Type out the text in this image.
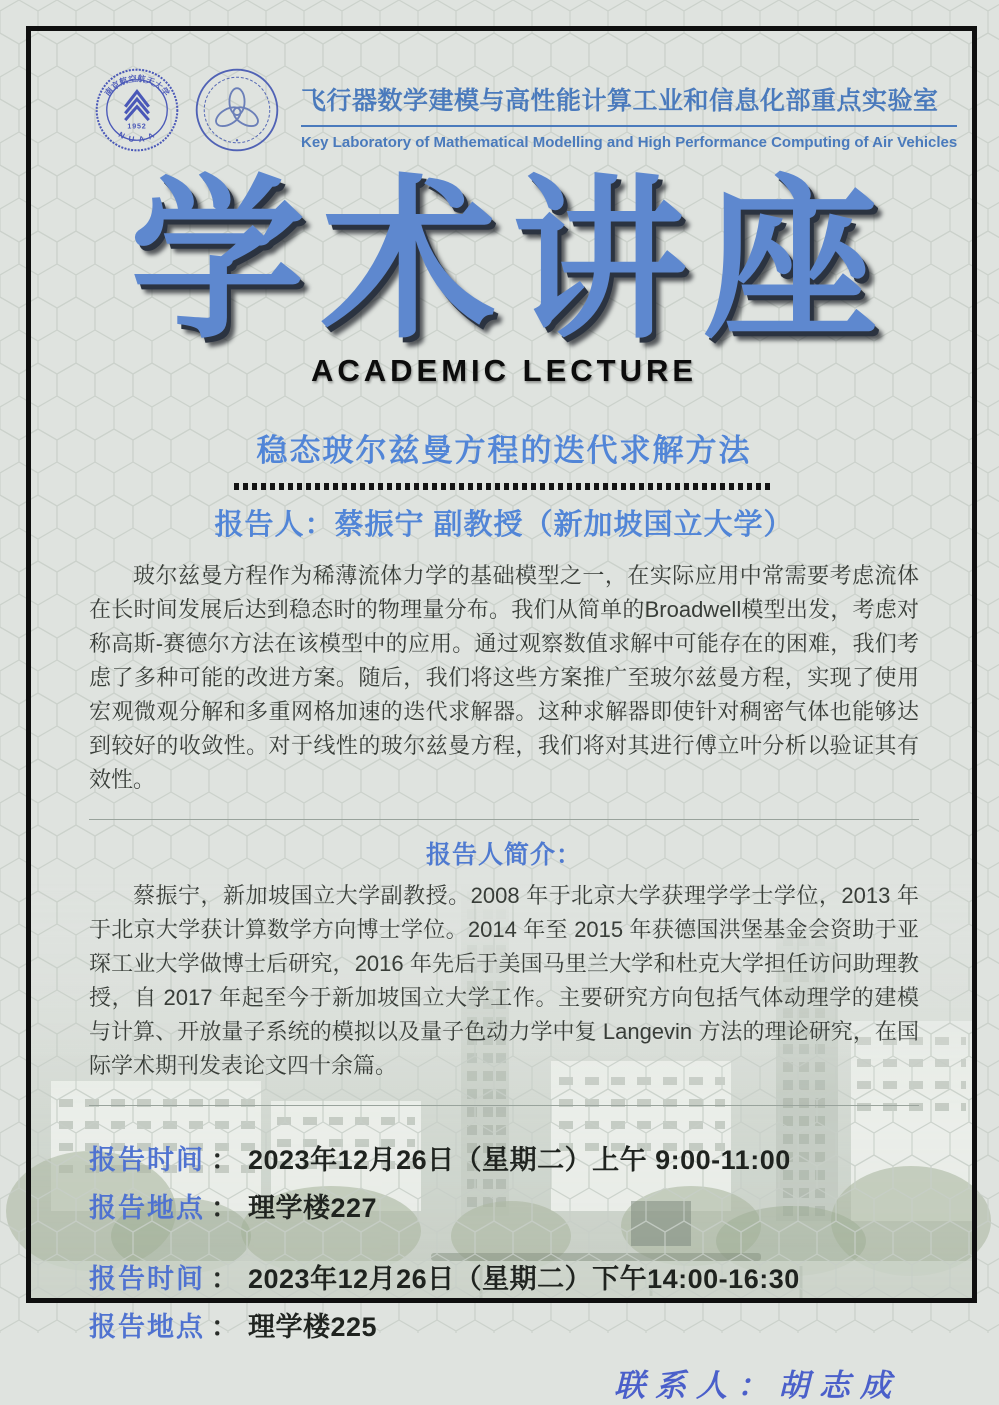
南京航空航天大学
1952
N U A A
飞行器数学建模与高性能计算工业和信息化部重点实验室
Key Laboratory of Mathematical Modelling and High Performance Computing of Air Vehicles
学术讲座
ACADEMIC LECTURE
稳态玻尔兹曼方程的迭代求解方法
报告人：蔡振宁 副教授（新加坡国立大学）
玻尔兹曼方程作为稀薄流体力学的基础模型之一，在实际应用中常需要考虑流体在长时间发展后达到稳态时的物理量分布。我们从简单的Broadwell模型出发，考虑对称高斯-赛德尔方法在该模型中的应用。通过观察数值求解中可能存在的困难，我们考虑了多种可能的改进方案。随后，我们将这些方案推广至玻尔兹曼方程，实现了使用宏观微观分解和多重网格加速的迭代求解器。这种求解器即使针对稠密气体也能够达到较好的收敛性。对于线性的玻尔兹曼方程，我们将对其进行傅立叶分析以验证其有效性。
报告人简介：
蔡振宁，新加坡国立大学副教授。2008 年于北京大学获理学学士学位，2013 年于北京大学获计算数学方向博士学位。2014 年至 2015 年获德国洪堡基金会资助于亚琛工业大学做博士后研究，2016 年先后于美国马里兰大学和杜克大学担任访问助理教授，自 2017 年起至今于新加坡国立大学工作。主要研究方向包括气体动理学的建模与计算、开放量子系统的模拟以及量子色动力学中复 Langevin 方法的理论研究，在国际学术期刊发表论文四十余篇。
报告时间 ： 2023年12月26日（星期二）上午 9:00-11:00
报告地点 ： 理学楼227
报告时间 ： 2023年12月26日（星期二）下午14:00-16:30
报告地点 ： 理学楼225
联系人：胡志成
